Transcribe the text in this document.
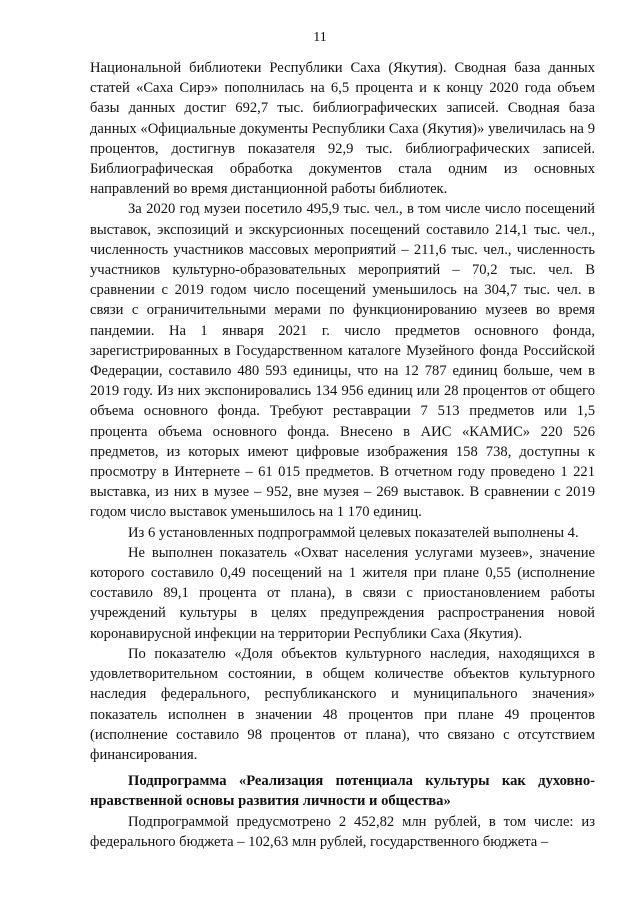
11

Национальной библиотеки Республики Саха (Якутия). Сводная база данных статей «Саха Сирэ» пополнилась на 6,5 процента и к концу 2020 года объем базы данных достиг 692,7 тыс. библиографических записей. Сводная база данных «Официальные документы Республики Саха (Якутия)» увеличилась на 9 процентов, достигнув показателя 92,9 тыс. библиографических записей. Библиографическая обработка документов стала одним из основных направлений во время дистанционной работы библиотек.

За 2020 год музеи посетило 495,9 тыс. чел., в том числе число посещений выставок, экспозиций и экскурсионных посещений составило 214,1 тыс. чел., численность участников массовых мероприятий – 211,6 тыс. чел., численность участников культурно-образовательных мероприятий – 70,2 тыс. чел. В сравнении с 2019 годом число посещений уменьшилось на 304,7 тыс. чел. в связи с ограничительными мерами по функционированию музеев во время пандемии. На 1 января 2021 г. число предметов основного фонда, зарегистрированных в Государственном каталоге Музейного фонда Российской Федерации, составило 480 593 единицы, что на 12 787 единиц больше, чем в 2019 году. Из них экспонировались 134 956 единиц или 28 процентов от общего объема основного фонда. Требуют реставрации 7 513 предметов или 1,5 процента объема основного фонда. Внесено в АИС «КАМИС» 220 526 предметов, из которых имеют цифровые изображения 158 738, доступны к просмотру в Интернете – 61 015 предметов. В отчетном году проведено 1 221 выставка, из них в музее – 952, вне музея – 269 выставок. В сравнении с 2019 годом число выставок уменьшилось на 1 170 единиц.

Из 6 установленных подпрограммой целевых показателей выполнены 4.

Не выполнен показатель «Охват населения услугами музеев», значение которого составило 0,49 посещений на 1 жителя при плане 0,55 (исполнение составило 89,1 процента от плана), в связи с приостановлением работы учреждений культуры в целях предупреждения распространения новой коронавирусной инфекции на территории Республики Саха (Якутия).

По показателю «Доля объектов культурного наследия, находящихся в удовлетворительном состоянии, в общем количестве объектов культурного наследия федерального, республиканского и муниципального значения» показатель исполнен в значении 48 процентов при плане 49 процентов (исполнение составило 98 процентов от плана), что связано с отсутствием финансирования.

Подпрограмма «Реализация потенциала культуры как духовно-нравственной основы развития личности и общества»

Подпрограммой предусмотрено 2 452,82 млн рублей, в том числе: из федерального бюджета – 102,63 млн рублей, государственного бюджета –
